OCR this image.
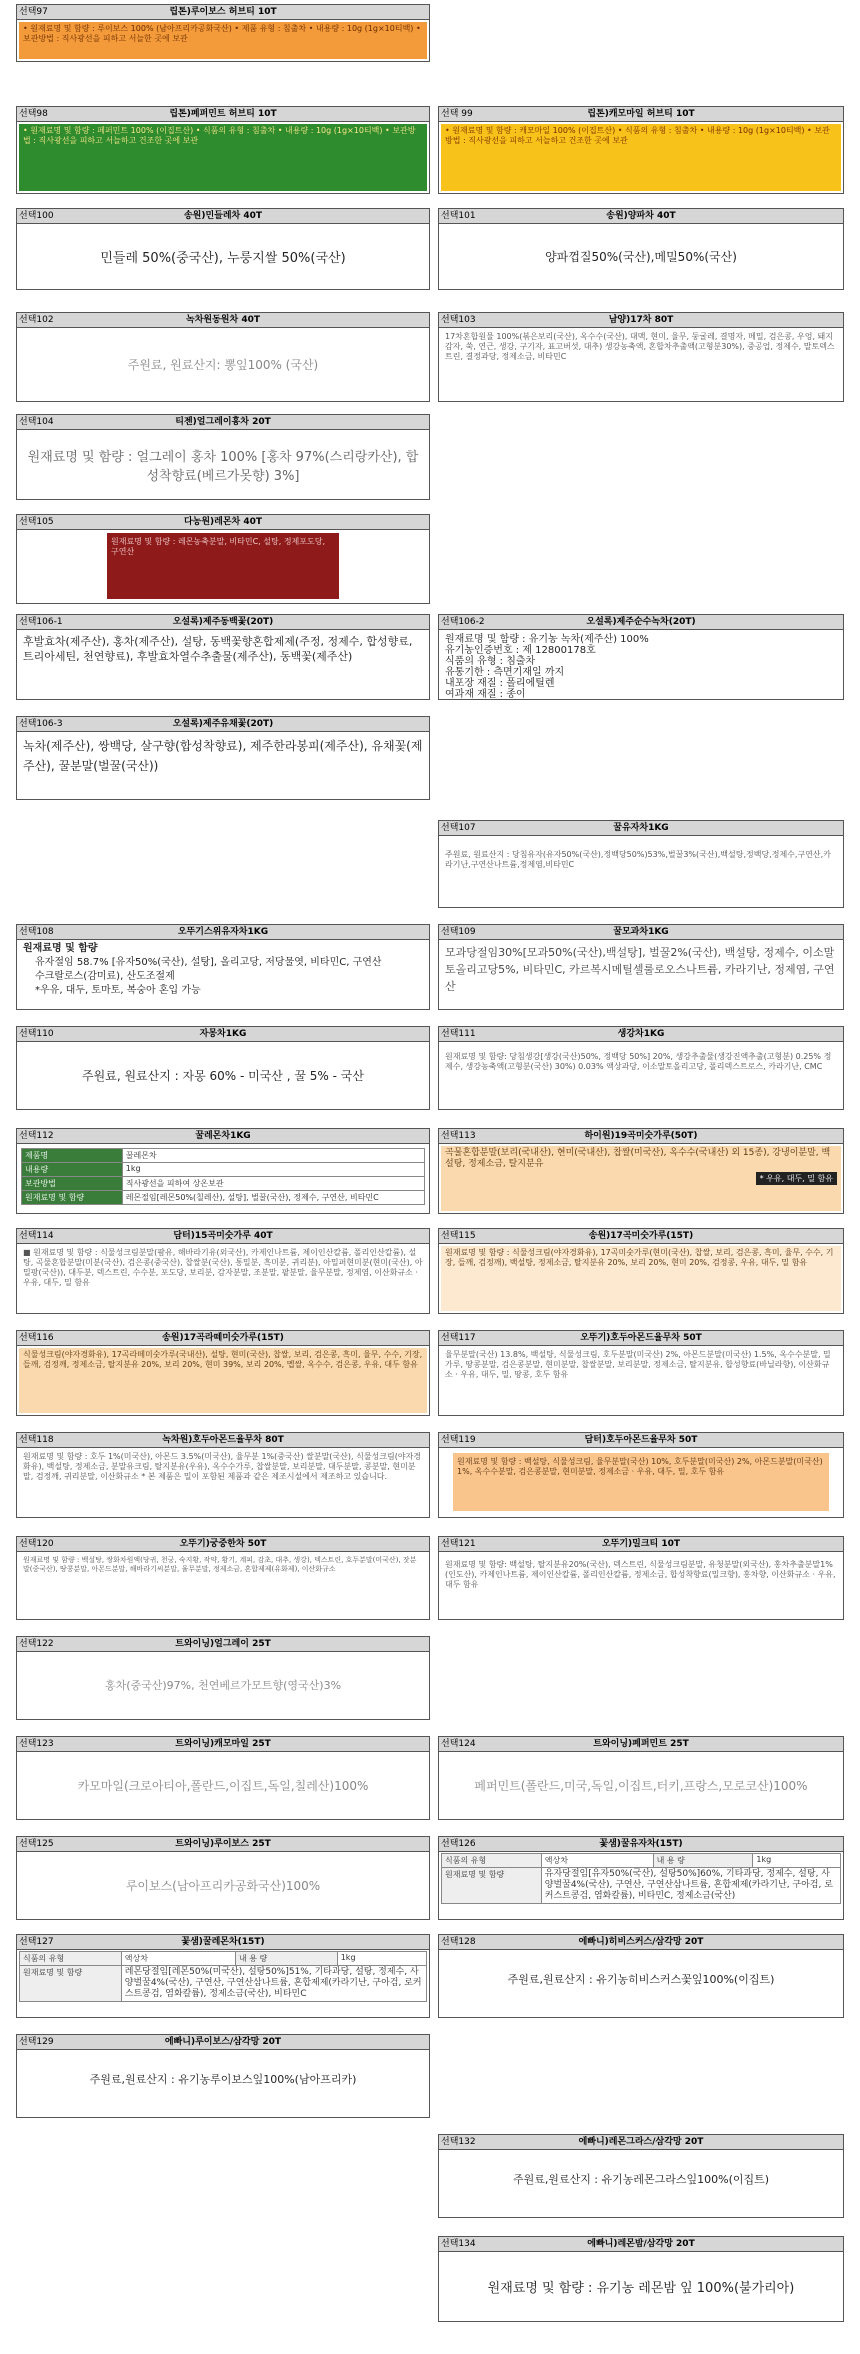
선택97	립톤)루이보스 허브티 10T
• 원재료명 및 함량 : 루이보스 100% (남아프리카공화국산) • 제품 유형 : 침출차 • 내용량 : 10g (1g×10티백) • 보관방법 : 직사광선을 피하고 서늘한 곳에 보관
선택98	립톤)페퍼민트 허브티 10T
• 원재료명 및 함량 : 페퍼민트 100% (이집트산) • 식품의 유형 : 침출차 • 내용량 : 10g (1g×10티백) • 보관방법 : 직사광선을 피하고 서늘하고 건조한 곳에 보관
선택 99	립톤)캐모마일 허브티 10T
• 원재료명 및 함량 : 캐모마일 100% (이집트산) • 식품의 유형 : 침출차 • 내용량 : 10g (1g×10티백) • 보관방법 : 직사광선을 피하고 서늘하고 건조한 곳에 보관
선택100	송원)민들레차 40T
민들레 50%(중국산), 누룽지쌀 50%(국산)
선택101	송원)양파차 40T
양파껍질50%(국산),메밀50%(국산)
선택102	녹차원동원차 40T
주원료, 원료산지: 뽕잎100% (국산)
선택103	남양)17차 80T
17차혼합원물 100%(볶은보리(국산), 옥수수(국산), 대맥, 현미, 율무, 둥굴레, 결명자, 메밀, 검은콩, 우엉, 돼지감자, 쑥, 연근, 생강, 구기자, 표고버섯, 대추) 생강농축액, 혼합차추출액(고형분30%), 중공업, 정제수, 말토덱스트린, 결정과당, 정제소금, 비타민C
선택104	티젠)얼그레이홍차 20T
원재료명 및 함량 : 얼그레이 홍차 100% [홍차 97%(스리랑카산), 합성착향료(베르가못향) 3%]
선택105	다농원)레몬차 40T
원재료명 및 함량 : 레몬농축분말, 비타민C, 설탕, 정제포도당, 구연산
선택106-1	오설록)제주동백꽃(20T)
후발효차(제주산), 홍차(제주산), 설탕, 동백꽃향혼합제제(주정, 정제수, 합성향료, 트리아세틴, 천연향료), 후발효차열수추출물(제주산), 동백꽃(제주산)
선택106-2	오설록)제주순수녹차(20T)
원재료명 및 함량 : 유기농 녹차(제주산) 100%
유기농인증번호 : 제 12800178호
식품의 유형 : 침출차
유통기한 : 측면기재일 까지
내포장 재질 : 폴리에틸렌
여과재 재질 : 종이
선택106-3	오설록)제주유채꽃(20T)
녹차(제주산), 쌍백당, 살구향(합성착향료), 제주한라봉피(제주산), 유채꽃(제주산), 꿀분말(벌꿀(국산))
선택107	꿀유자차1KG
주원료, 원료산지 : 당침유자(유자50%(국산),정백당50%)53%,벌꿀3%(국산),백설탕,정백당,정제수,구연산,카라기난,구연산나트륨,정제염,비타민C
선택108	오뚜기스위유자차1KG
원재료명 및 함량
유자절임 58.7% [유자50%(국산), 설탕], 올리고당, 저당물엿, 비타민C, 구연산
수크랄로스(감미료), 산도조절제
*우유, 대두, 토마토, 복숭아 혼입 가능
선택109	꿀모과차1KG
모과당절임30%[모과50%(국산),백설탕], 벌꿀2%(국산), 백설탕, 정제수, 이소말토올리고당5%, 비타민C, 카르복시메틸셀룰로오스나트륨, 카라기난, 정제염, 구연산
선택110	자몽차1KG
주원료, 원료산지 : 자몽 60% - 미국산 , 꿀 5% - 국산
선택111	생강차1KG
원재료명 및 함량: 당침생강[생강(국산)50%, 정백당 50%] 20%, 생강추출물(생강진액추출(고형분) 0.25% 정제수, 생강농축액(고형분(국산) 30%) 0.03% 액상과당, 이소말토올리고당, 폴리덱스트로스, 카라기난, CMC
선택112	꿀레몬차1KG
제품명	꿀레몬차
내용량	1kg
보관방법	직사광선을 피하여 상온보관
원재료명 및 함량	레몬절임[레몬50%(칠레산), 설탕], 벌꿀(국산), 정제수, 구연산, 비타민C
선택113	하이원)19곡미숫가루(50T)
곡물혼합분말(보리(국내산), 현미(국내산), 찹쌀(미국산), 옥수수(국내산) 외 15종), 강냉이분말, 백설탕, 정제소금, 탈지분유
* 우유, 대두, 밀 함유
선택114	담터)15곡미숫가루 40T
■ 원재료명 및 함량 : 식물성크림분말(팜유, 해바라기유(외국산), 카제인나트륨, 제이인산칼륨, 폴리인산칼륨), 설탕, 곡물혼합분말(미분(국산), 검은콩(중국산), 찹쌀분(국산), 통밀분, 흑미분, 귀리분), 아밀퍼현미분(현미(국산), 아밀팡(국산)), 대두분, 덱스트린, 수수분, 포도당, 보리분, 감자분말, 조분말, 팥분말, 율무분말, 정제염, 이산화규소 · 우유, 대두, 밀 함유
선택115	송원)17곡미숫가루(15T)
원재료명 및 함량 : 식물성크림(야자경화유), 17곡미숫가루(현미(국산), 찹쌀, 보리, 검은콩, 흑미, 율무, 수수, 기장, 들깨, 검정깨), 백설탕, 정제소금, 탈지분유 20%, 보리 20%, 현미 20%, 검정콩, 우유, 대두, 밀 함유
선택116	송원)17곡라떼미숫가루(15T)
식물성크림(야자경화유), 17곡라떼미숫가루(국내산), 설탕, 현미(국산), 찹쌀, 보리, 검은콩, 흑미, 율무, 수수, 기장, 들깨, 검정깨, 정제소금, 탈지분유 20%, 보리 20%, 현미 39%, 보리 20%, 멥쌀, 옥수수, 검은콩, 우유, 대두 함유
선택117	오뚜기)호두아몬드율무차 50T
율무분말(국산) 13.8%, 백설탕, 식물성크림, 호두분말(미국산) 2%, 아몬드분말(미국산) 1.5%, 옥수수분말, 밀가루, 땅콩분말, 검은콩분말, 현미분말, 찹쌀분말, 보리분말, 정제소금, 탈지분유, 합성향료(바닐라향), 이산화규소 · 우유, 대두, 밀, 땅콩, 호두 함유
선택118	녹차원)호두아몬드율무차 80T
원재료명 및 함량 : 호두 1%(미국산), 아몬드 3.5%(미국산), 율무분 1%(중국산) 쌀분말(국산), 식물성크림(야자경화유), 백설탕, 정제소금, 분말유크림, 탈지분유(우유), 옥수수가루, 찹쌀분말, 보리분말, 대두분말, 콩분말, 현미분말, 검정깨, 귀리분말, 이산화규소 * 본 제품은 밀이 포함된 제품과 같은 제조시설에서 제조하고 있습니다.
선택119	담터)호두아몬드율무차 50T
원재료명 및 함량 : 백설탕, 식물성크림, 율무분말(국산) 10%, 호두분말(미국산) 2%, 아몬드분말(미국산) 1%, 옥수수분말, 검은콩분말, 현미분말, 정제소금 · 우유, 대두, 밀, 호두 함유
선택120	오뚜기)궁중한차 50T
원재료명 및 함량 : 백설탕, 쌍화차원액(당귀, 천궁, 숙지황, 작약, 황기, 계피, 감초, 대추, 생강), 덱스트린, 호두분말(미국산), 잣분말(중국산), 땅콩분말, 아몬드분말, 해바라기씨분말, 율무분말, 정제소금, 혼합제제(유화제), 이산화규소
선택121	오뚜기)밀크티 10T
원재료명 및 함량: 백설탕, 탈지분유20%(국산), 덱스트린, 식물성크림분말, 유청분말(외국산), 홍차추출분말1%(인도산), 카제인나트륨, 제이인산칼륨, 폴리인산칼륨, 정제소금, 합성착향료(밀크향), 홍차향, 이산화규소 · 우유, 대두 함유
선택122	트와이닝)얼그레이 25T
홍차(중국산)97%, 천연베르가모트향(영국산)3%
선택123	트와이닝)캐모마일 25T
카모마일(크로아티아,폴란드,이집트,독일,칠레산)100%
선택124	트와이닝)페퍼민트 25T
페퍼민트(폴란드,미국,독일,이집트,터키,프랑스,모로코산)100%
선택125	트와이닝)루이보스 25T
루이보스(남아프리카공화국산)100%
선택126	꽃샘)꿀유자차(15T)
식품의 유형	액상차	내 용 량	1kg
원재료명 및 함량	유자당절임[유자50%(국산), 설탕50%]60%, 기타과당, 정제수, 설탕, 사양벌꿀4%(국산), 구연산, 구연산삼나트륨, 혼합제제(카라기난, 구아검, 로커스트콩검, 염화칼륨), 비타민C, 정제소금(국산)		
선택127	꽃샘)꿀레몬차(15T)
식품의 유형	액상차	내 용 량	1kg
원재료명 및 함량	레몬당절임[레몬50%(미국산), 설탕50%]51%, 기타과당, 설탕, 정제수, 사양벌꿀4%(국산), 구연산, 구연산삼나트륨, 혼합제제(카라기난, 구아검, 로커스트콩검, 염화칼륨), 정제소금(국산), 비타민C		
선택128	에빠니)히비스커스/삼각망 20T
주원료,원료산지 : 유기농히비스커스꽃잎100%(이집트)
선택129	에빠니)루이보스/삼각망 20T
주원료,원료산지 : 유기농루이보스잎100%(남아프리카)
선택132	에빠니)레몬그라스/삼각망 20T
주원료,원료산지 : 유기농레몬그라스잎100%(이집트)
선택134	에빠니)레몬밤/삼각망 20T
원재료명 및 함량 : 유기농 레몬밤 잎 100%(불가리아)
